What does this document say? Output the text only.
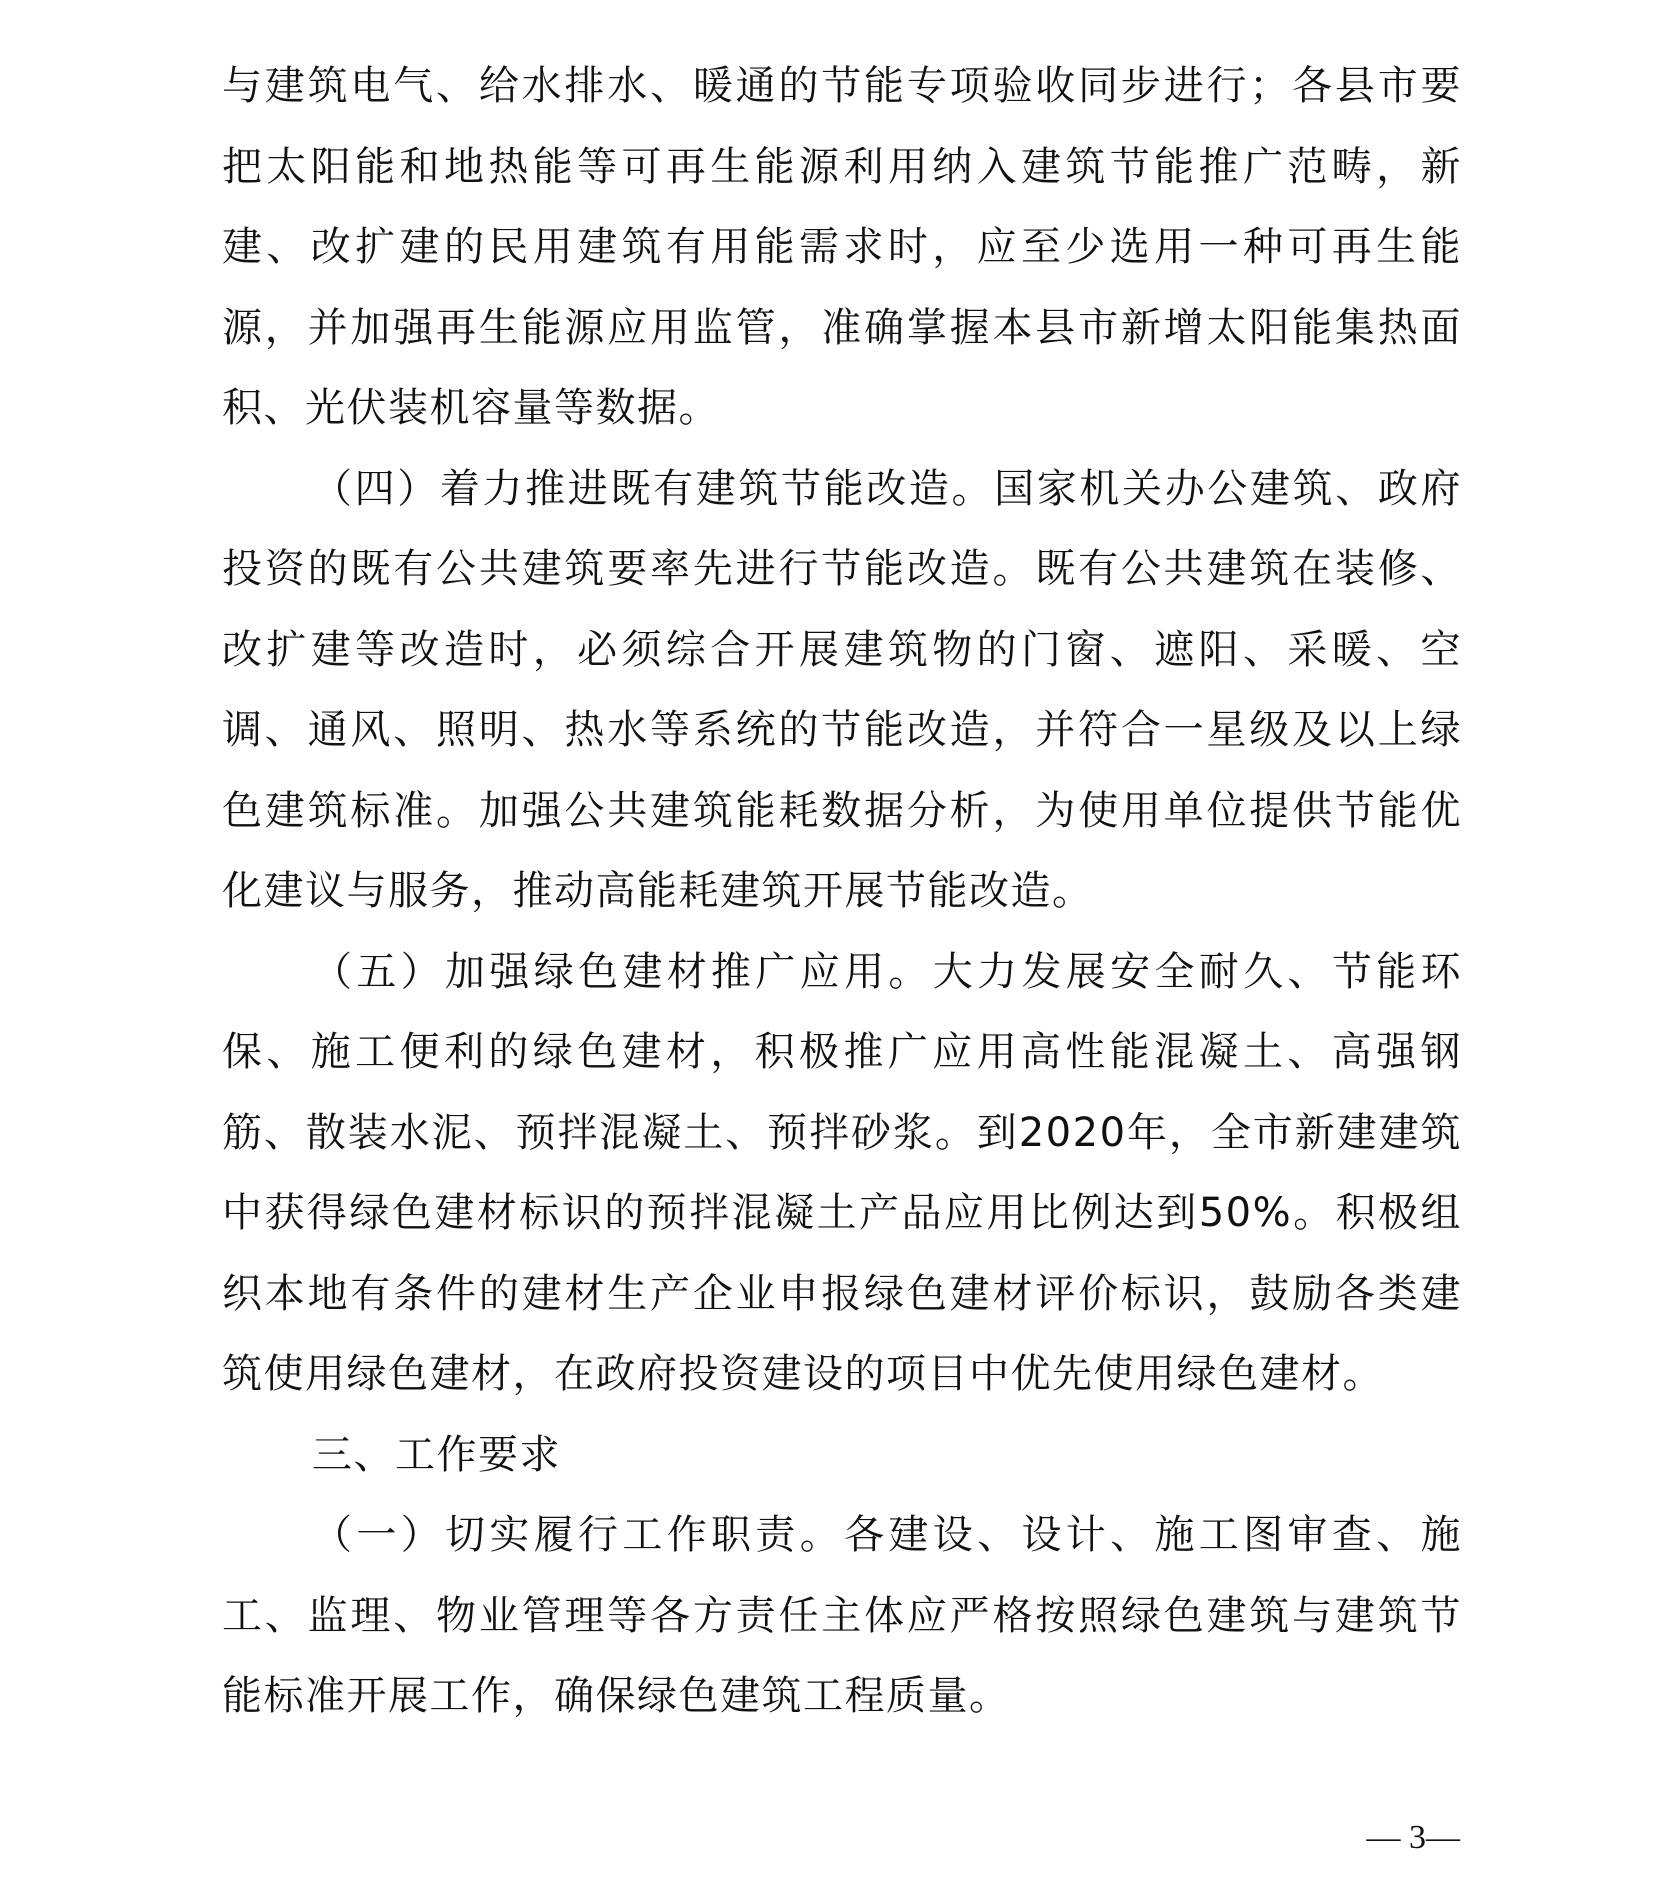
与建筑电气、给水排水、暖通的节能专项验收同步进行；各县市要把太阳能和地热能等可再生能源利用纳入建筑节能推广范畴，新建、改扩建的民用建筑有用能需求时，应至少选用一种可再生能源，并加强再生能源应用监管，准确掌握本县市新增太阳能集热面积、光伏装机容量等数据。

（四）着力推进既有建筑节能改造。国家机关办公建筑、政府投资的既有公共建筑要率先进行节能改造。既有公共建筑在装修、改扩建等改造时，必须综合开展建筑物的门窗、遮阳、采暖、空调、通风、照明、热水等系统的节能改造，并符合一星级及以上绿色建筑标准。加强公共建筑能耗数据分析，为使用单位提供节能优化建议与服务，推动高能耗建筑开展节能改造。

（五）加强绿色建材推广应用。大力发展安全耐久、节能环保、施工便利的绿色建材，积极推广应用高性能混凝土、高强钢筋、散装水泥、预拌混凝土、预拌砂浆。到2020年，全市新建建筑中获得绿色建材标识的预拌混凝土产品应用比例达到50%。积极组织本地有条件的建材生产企业申报绿色建材评价标识，鼓励各类建筑使用绿色建材，在政府投资建设的项目中优先使用绿色建材。

三、工作要求

（一）切实履行工作职责。各建设、设计、施工图审查、施工、监理、物业管理等各方责任主体应严格按照绿色建筑与建筑节能标准开展工作，确保绿色建筑工程质量。

— 3—
